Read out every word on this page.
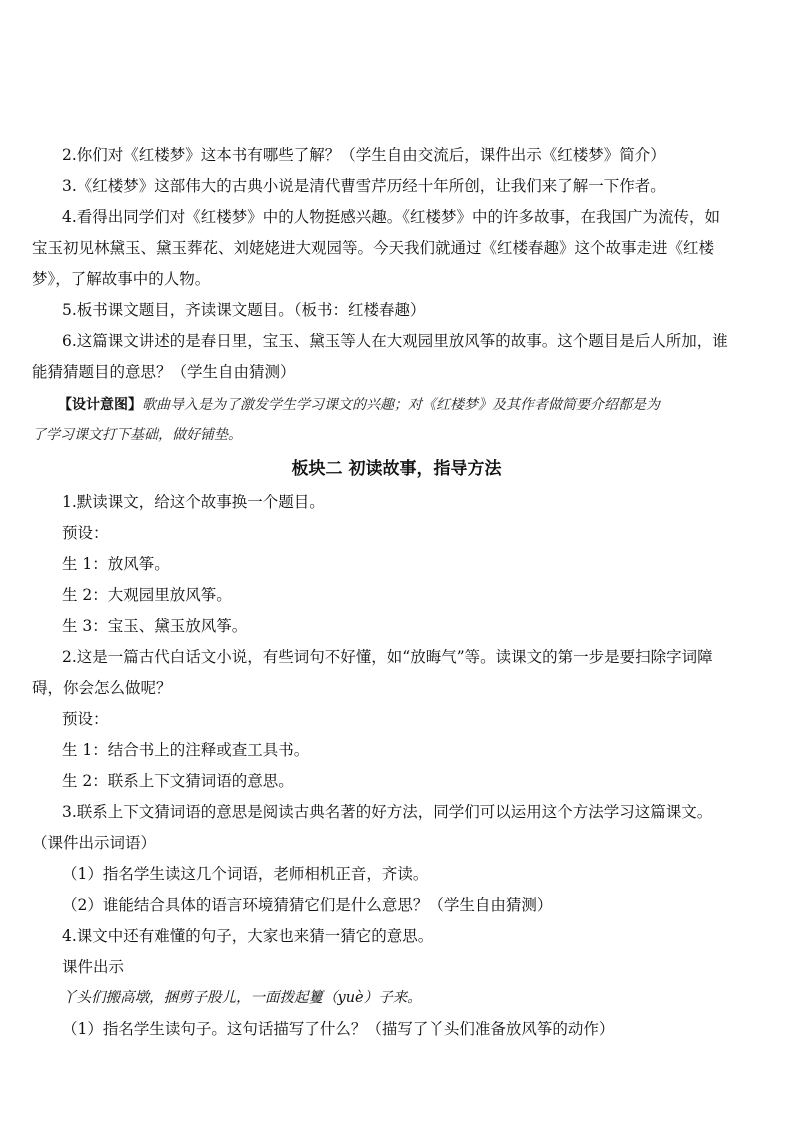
2.你们对《红楼梦》这本书有哪些了解？（学生自由交流后，课件出示《红楼梦》简介）
3.《红楼梦》这部伟大的古典小说是清代曹雪芹历经十年所创，让我们来了解一下作者。
4.看得出同学们对《红楼梦》中的人物挺感兴趣。《红楼梦》中的许多故事，在我国广为流传，如
宝玉初见林黛玉、黛玉葬花、刘姥姥进大观园等。今天我们就通过《红楼春趣》这个故事走进《红楼
梦》，了解故事中的人物。
5.板书课文题目，齐读课文题目。（板书：红楼春趣）
6.这篇课文讲述的是春日里，宝玉、黛玉等人在大观园里放风筝的故事。这个题目是后人所加，谁
能猜猜题目的意思？（学生自由猜测）
【设计意图】歌曲导入是为了激发学生学习课文的兴趣；对《红楼梦》及其作者做简要介绍都是为
了学习课文打下基础，做好铺垫。
板块二 初读故事，指导方法
1.默读课文，给这个故事换一个题目。
预设：
生 1：放风筝。
生 2：大观园里放风筝。
生 3：宝玉、黛玉放风筝。
2.这是一篇古代白话文小说，有些词句不好懂，如“放晦气”等。读课文的第一步是要扫除字词障
碍，你会怎么做呢？
预设：
生 1：结合书上的注释或查工具书。
生 2：联系上下文猜词语的意思。
3.联系上下文猜词语的意思是阅读古典名著的好方法，同学们可以运用这个方法学习这篇课文。
（课件出示词语）
（1）指名学生读这几个词语，老师相机正音，齐读。
（2）谁能结合具体的语言环境猜猜它们是什么意思？（学生自由猜测）
4.课文中还有难懂的句子，大家也来猜一猜它的意思。
课件出示
丫头们搬高墩，捆剪子股儿，一面拨起籰（yuè）子来。
（1）指名学生读句子。这句话描写了什么？（描写了丫头们准备放风筝的动作）
